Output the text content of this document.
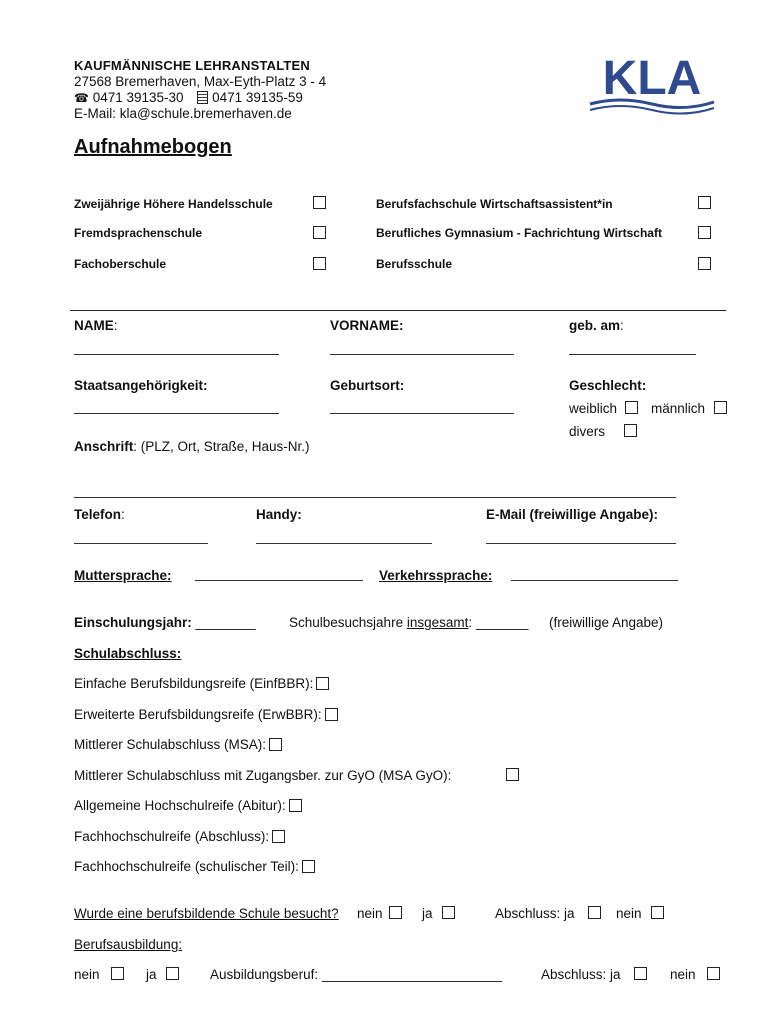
KAUFMÄNNISCHE LEHRANSTALTEN
27568 Bremerhaven, Max-Eyth-Platz 3 - 4
☎ 0471 39135-30 0471 39135-59
E-Mail: kla@schule.bremerhaven.de
KLA
Aufnahmebogen
Zweijährige Höhere Handelsschule	Berufsfachschule Wirtschaftsassistent*in
Fremdsprachenschule	Berufliches Gymnasium - Fachrichtung Wirtschaft
Fachoberschule	Berufsschule
NAME:	VORNAME:	geb. am:
Staatsangehörigkeit:	Geburtsort:	Geschlecht:
weiblich	männlich
divers
Anschrift: (PLZ, Ort, Straße, Haus-Nr.)
Telefon:	Handy:	E-Mail (freiwillige Angabe):
Muttersprache:	Verkehrssprache:
Einschulungsjahr: ________ Schulbesuchsjahre insgesamt: _______ (freiwillige Angabe)
Schulabschluss:
Einfache Berufsbildungsreife (EinfBBR):
Erweiterte Berufsbildungsreife (ErwBBR):
Mittlerer Schulabschluss (MSA):
Mittlerer Schulabschluss mit Zugangsber. zur GyO (MSA GyO):
Allgemeine Hochschulreife (Abitur):
Fachhochschulreife (Abschluss):
Fachhochschulreife (schulischer Teil):
Wurde eine berufsbildende Schule besucht? nein	ja	Abschluss: ja	nein
Berufsausbildung:
nein	ja	Ausbildungsberuf: ________________________	Abschluss: ja	nein
